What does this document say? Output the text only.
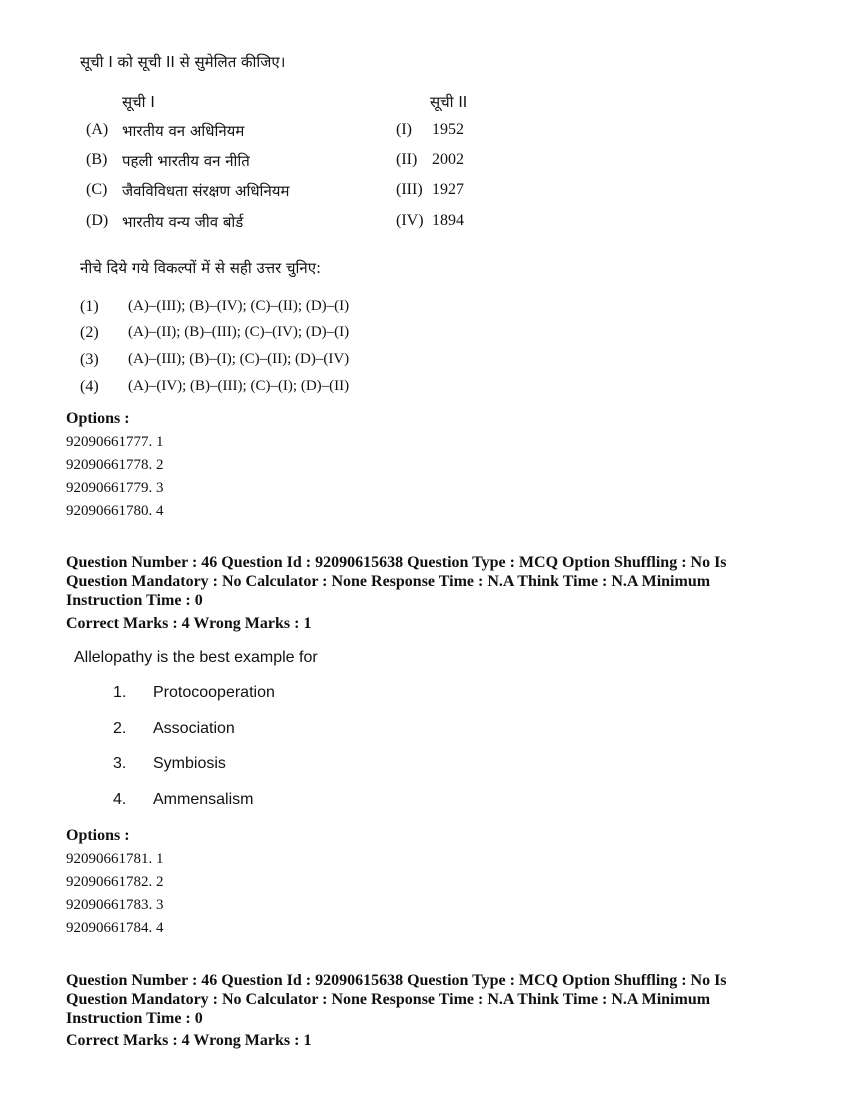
सूची I को सूची II से सुमेलित कीजिए।
सूची I	सूची II
(A) भारतीय वन अधिनियम	(I) 1952
(B) पहली भारतीय वन नीति	(II) 2002
(C) जैवविविधता संरक्षण अधिनियम	(III) 1927
(D) भारतीय वन्य जीव बोर्ड	(IV) 1894
नीचे दिये गये विकल्पों में से सही उत्तर चुनिए:
(1) (A)–(III); (B)–(IV); (C)–(II); (D)–(I)
(2) (A)–(II); (B)–(III); (C)–(IV); (D)–(I)
(3) (A)–(III); (B)–(I); (C)–(II); (D)–(IV)
(4) (A)–(IV); (B)–(III); (C)–(I); (D)–(II)
Options :
92090661777. 1
92090661778. 2
92090661779. 3
92090661780. 4
Question Number : 46 Question Id : 92090615638 Question Type : MCQ Option Shuffling : No Is
Question Mandatory : No Calculator : None Response Time : N.A Think Time : N.A Minimum
Instruction Time : 0
Correct Marks : 4 Wrong Marks : 1
Allelopathy is the best example for
1. Protocooperation
2. Association
3. Symbiosis
4. Ammensalism
Options :
92090661781. 1
92090661782. 2
92090661783. 3
92090661784. 4
Question Number : 46 Question Id : 92090615638 Question Type : MCQ Option Shuffling : No Is
Question Mandatory : No Calculator : None Response Time : N.A Think Time : N.A Minimum
Instruction Time : 0
Correct Marks : 4 Wrong Marks : 1
